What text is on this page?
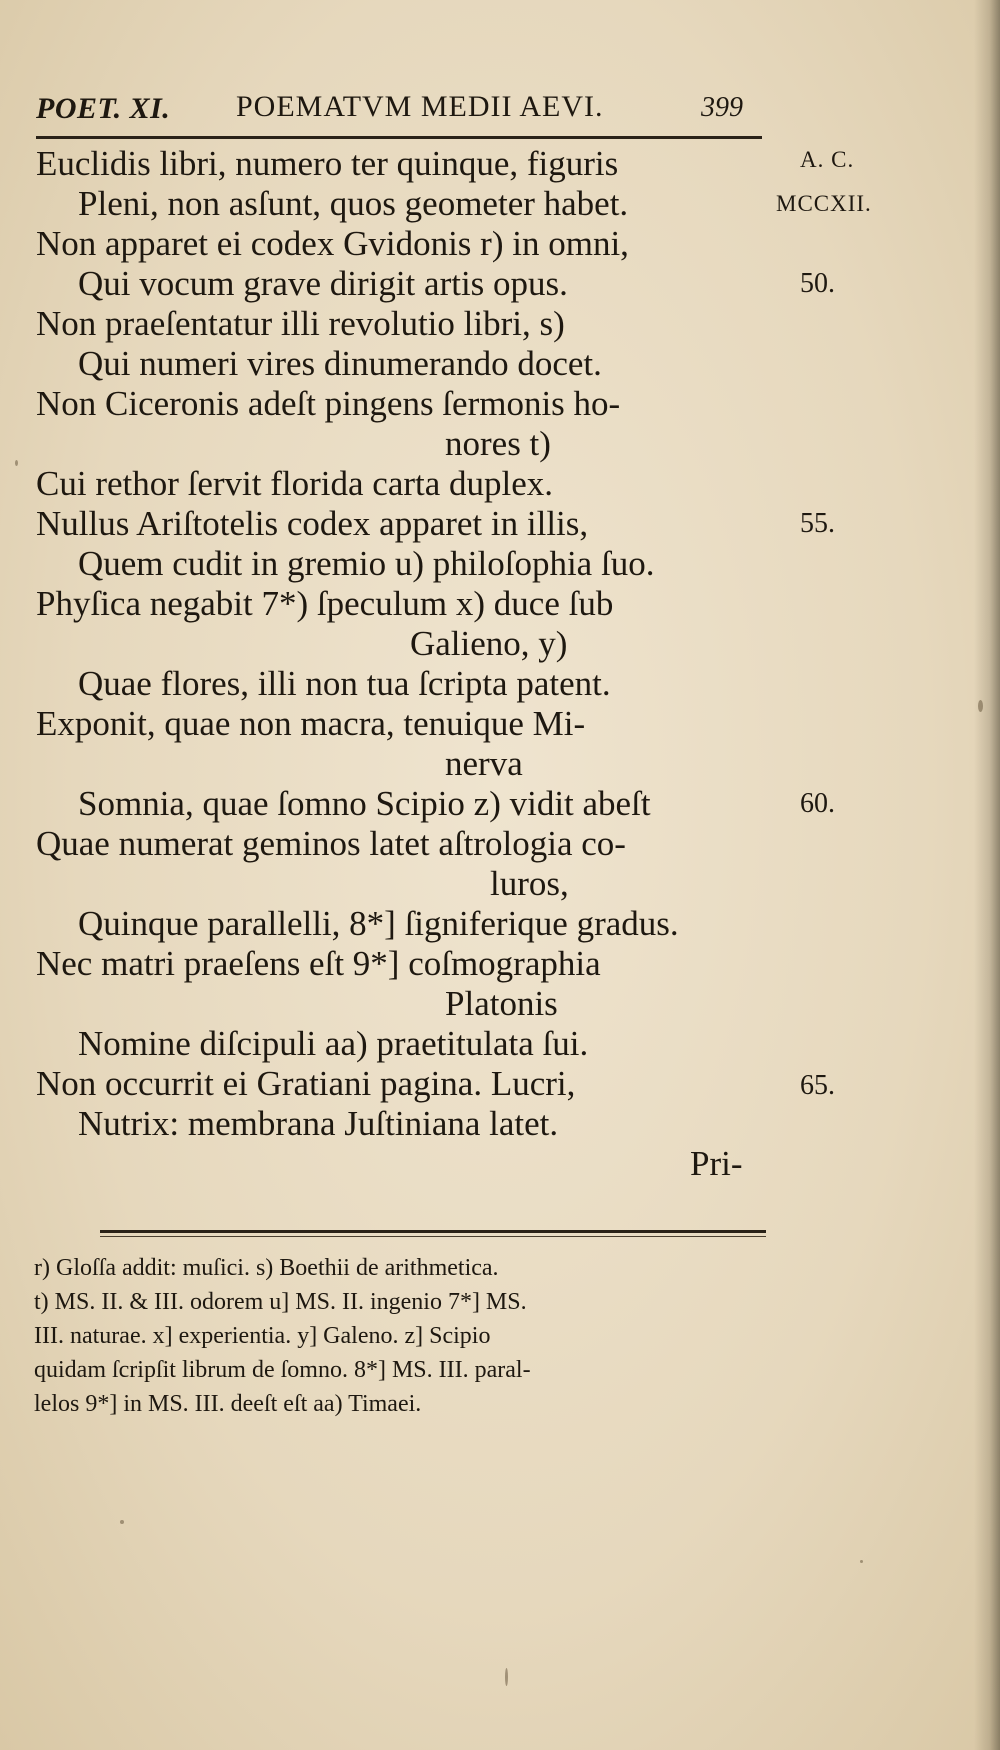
POET. XI. POEMATVM MEDII AEVI.	399
A. C.
MCCXII.
Euclidis libri, numero ter quinque, figuris
Pleni, non asſunt, quos geometer habet.
Non apparet ei codex Gvidonis r) in omni,
Qui vocum grave dirigit artis opus.
Non praeſentatur illi revolutio libri, s)
Qui numeri vires dinumerando docet.
Non Ciceronis adeſt pingens ſermonis ho-
nores t)
Cui rethor ſervit florida carta duplex.
Nullus Ariſtotelis codex apparet in illis,
Quem cudit in gremio u) philoſophia ſuo.
Phyſica negabit 7*) ſpeculum x) duce ſub
Galieno, y)
Quae flores, illi non tua ſcripta patent.
Exponit, quae non macra, tenuique Mi-
nerva
Somnia, quae ſomno Scipio z) vidit abeſt
Quae numerat geminos latet aſtrologia co-
luros,
Quinque parallelli, 8*] ſigniferique gradus.
Nec matri praeſens eſt 9*] coſmographia
Platonis
Nomine diſcipuli aa) praetitulata ſui.
Non occurrit ei Gratiani pagina. Lucri,
Nutrix: membrana Juſtiniana latet.
Pri-
50.
55.
60.
65.
r) Gloſſa addit: muſici. s) Boethii de arithmetica.
t) MS. II. & III. odorem u] MS. II. ingenio 7*] MS.
III. naturae. x] experientia. y] Galeno. z] Scipio
quidam ſcripſit librum de ſomno. 8*] MS. III. paral-
lelos 9*] in MS. III. deeſt eſt aa) Timaei.
